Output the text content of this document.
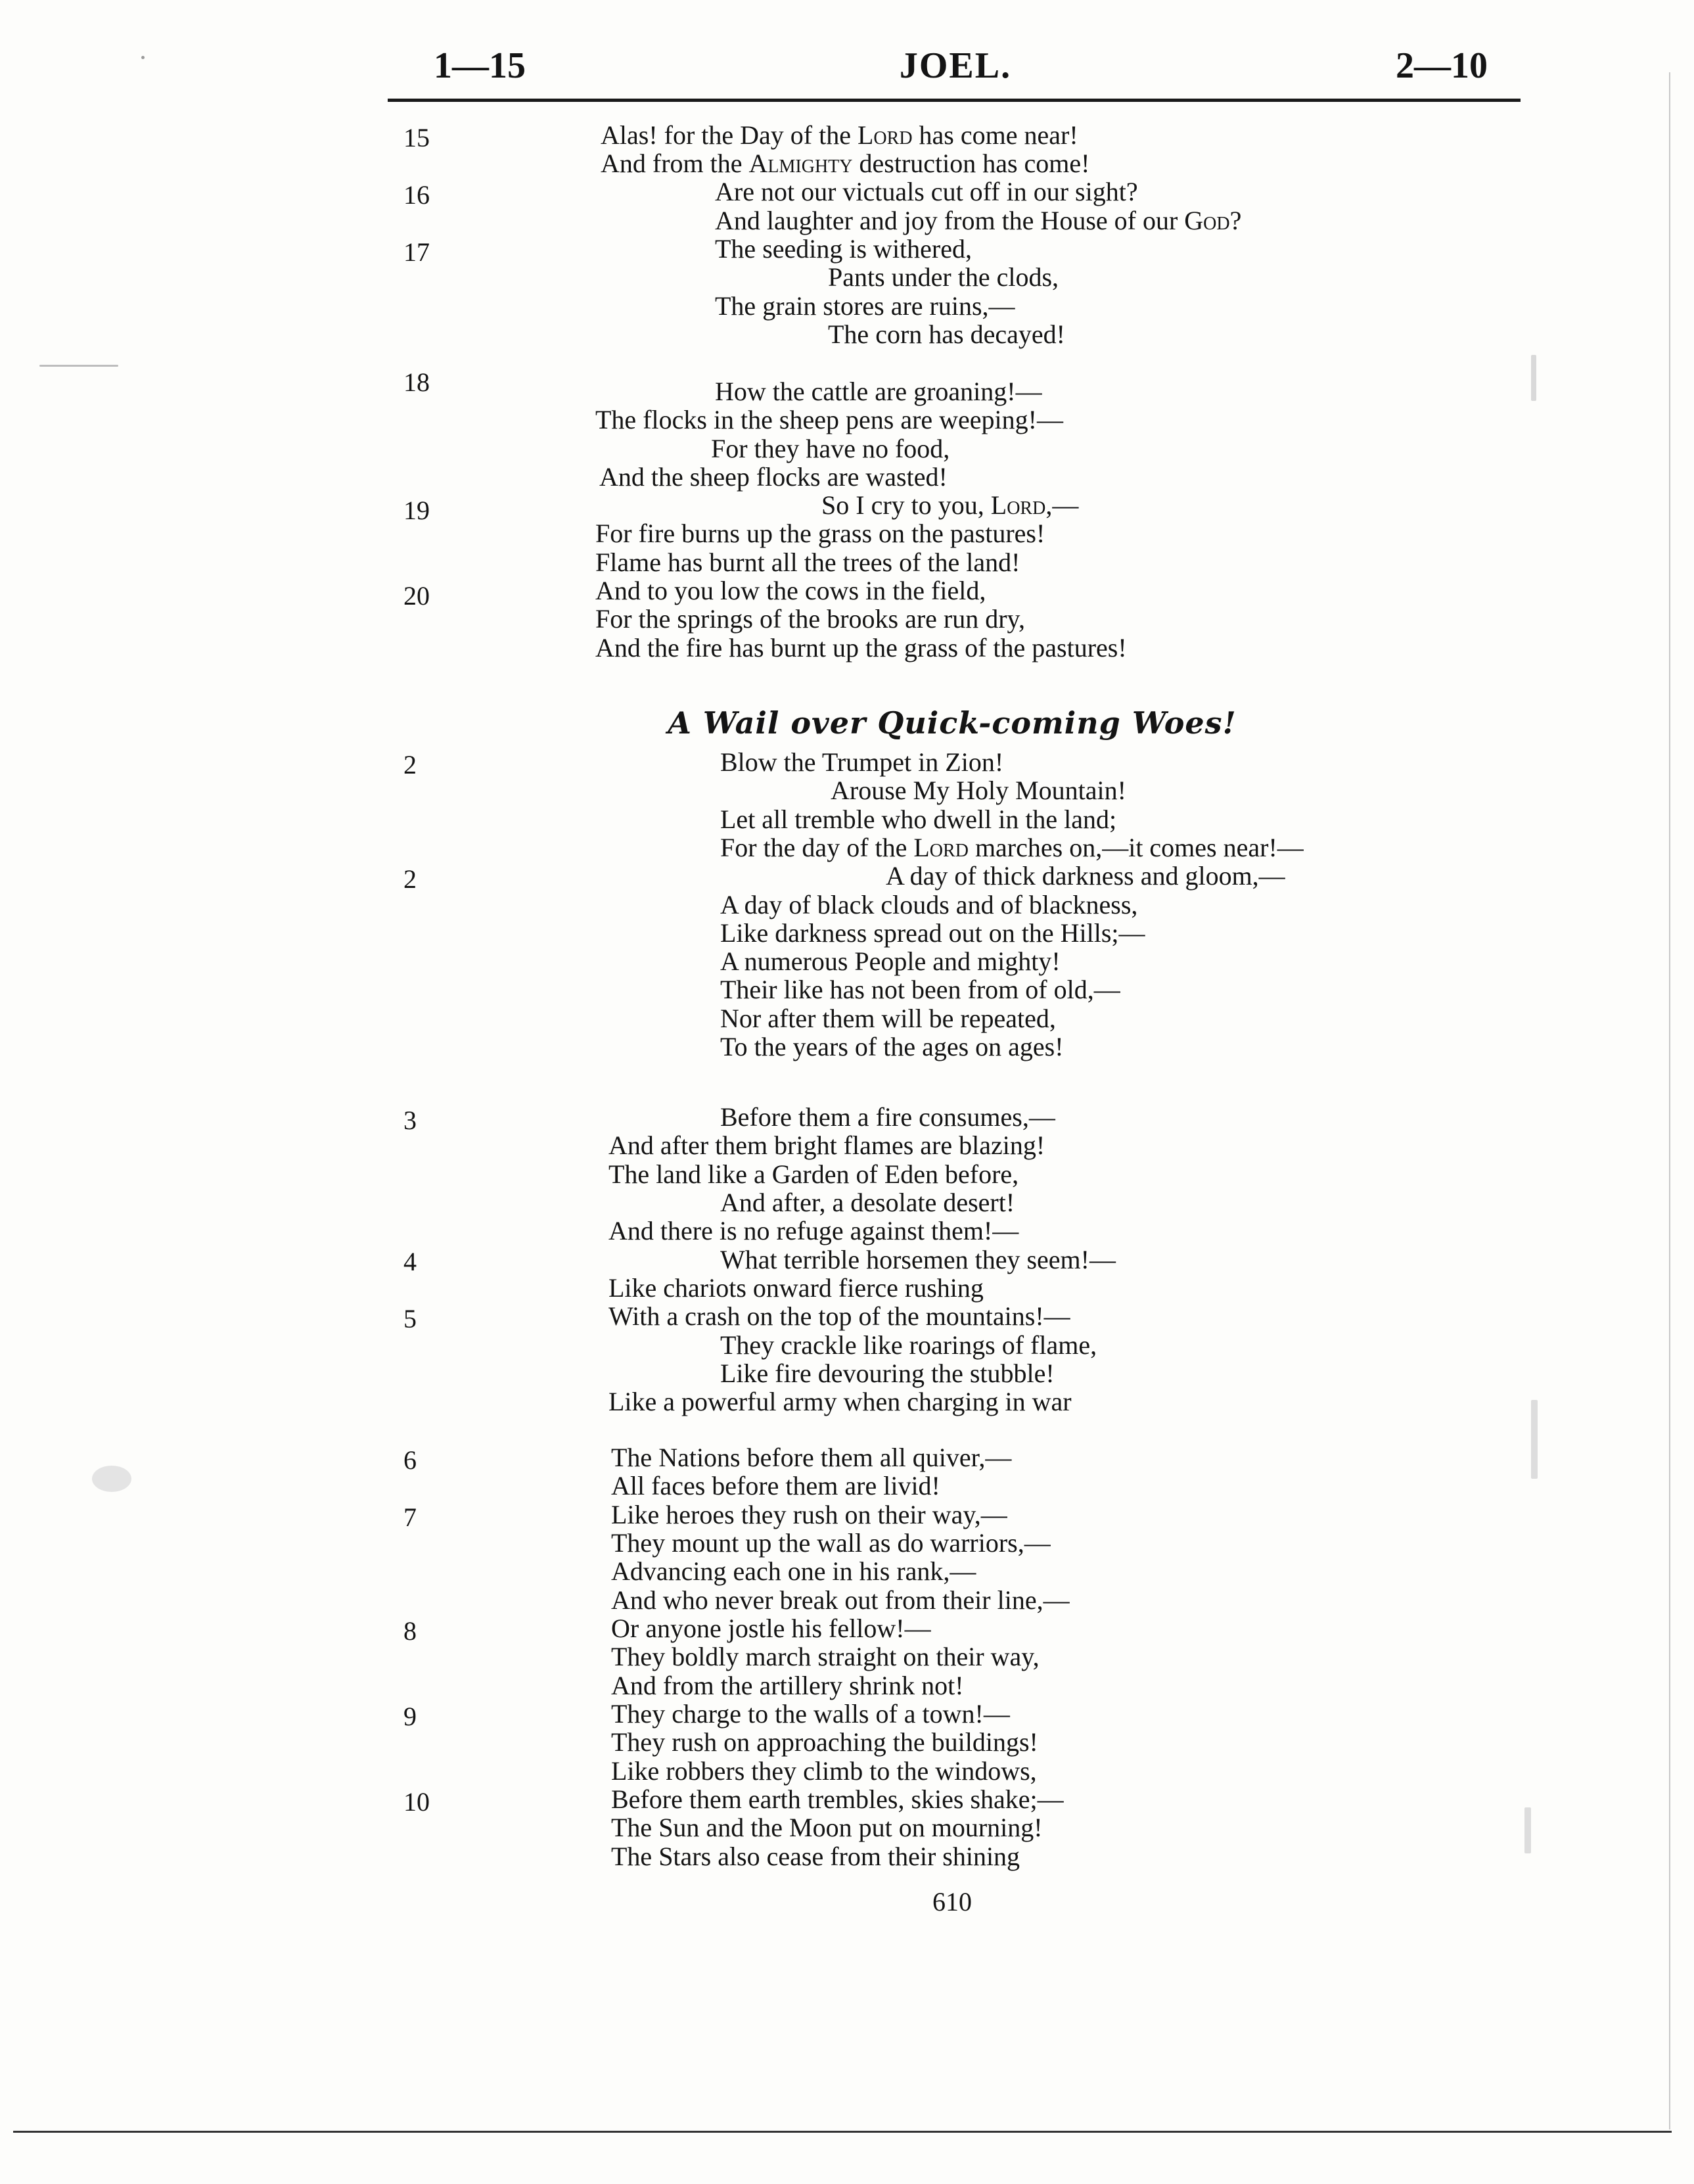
1—15	JOEL.	2—10
15
16
17
18
19
20
2
2
3
4
5
6
7
8
9
10
Alas! for the Day of the Lord has come near!
And from the Almighty destruction has come!
Are not our victuals cut off in our sight?
And laughter and joy from the House of our God?
The seeding is withered,
Pants under the clods,
The grain stores are ruins,—
The corn has decayed!
How the cattle are groaning!—
The flocks in the sheep pens are weeping!—
For they have no food,
And the sheep flocks are wasted!
So I cry to you, Lord,—
For fire burns up the grass on the pastures!
Flame has burnt all the trees of the land!
And to you low the cows in the field,
For the springs of the brooks are run dry,
And the fire has burnt up the grass of the pastures!
A Wail over Quick-coming Woes!
Blow the Trumpet in Zion!
Arouse My Holy Mountain!
Let all tremble who dwell in the land;
For the day of the Lord marches on,—it comes near!—
A day of thick darkness and gloom,—
A day of black clouds and of blackness,
Like darkness spread out on the Hills;—
A numerous People and mighty!
Their like has not been from of old,—
Nor after them will be repeated,
To the years of the ages on ages!
Before them a fire consumes,—
And after them bright flames are blazing!
The land like a Garden of Eden before,
And after, a desolate desert!
And there is no refuge against them!—
What terrible horsemen they seem!—
Like chariots onward fierce rushing
With a crash on the top of the mountains!—
They crackle like roarings of flame,
Like fire devouring the stubble!
Like a powerful army when charging in war
The Nations before them all quiver,—
All faces before them are livid!
Like heroes they rush on their way,—
They mount up the wall as do warriors,—
Advancing each one in his rank,—
And who never break out from their line,—
Or anyone jostle his fellow!—
They boldly march straight on their way,
And from the artillery shrink not!
They charge to the walls of a town!—
They rush on approaching the buildings!
Like robbers they climb to the windows,
Before them earth trembles, skies shake;—
The Sun and the Moon put on mourning!
The Stars also cease from their shining
610
